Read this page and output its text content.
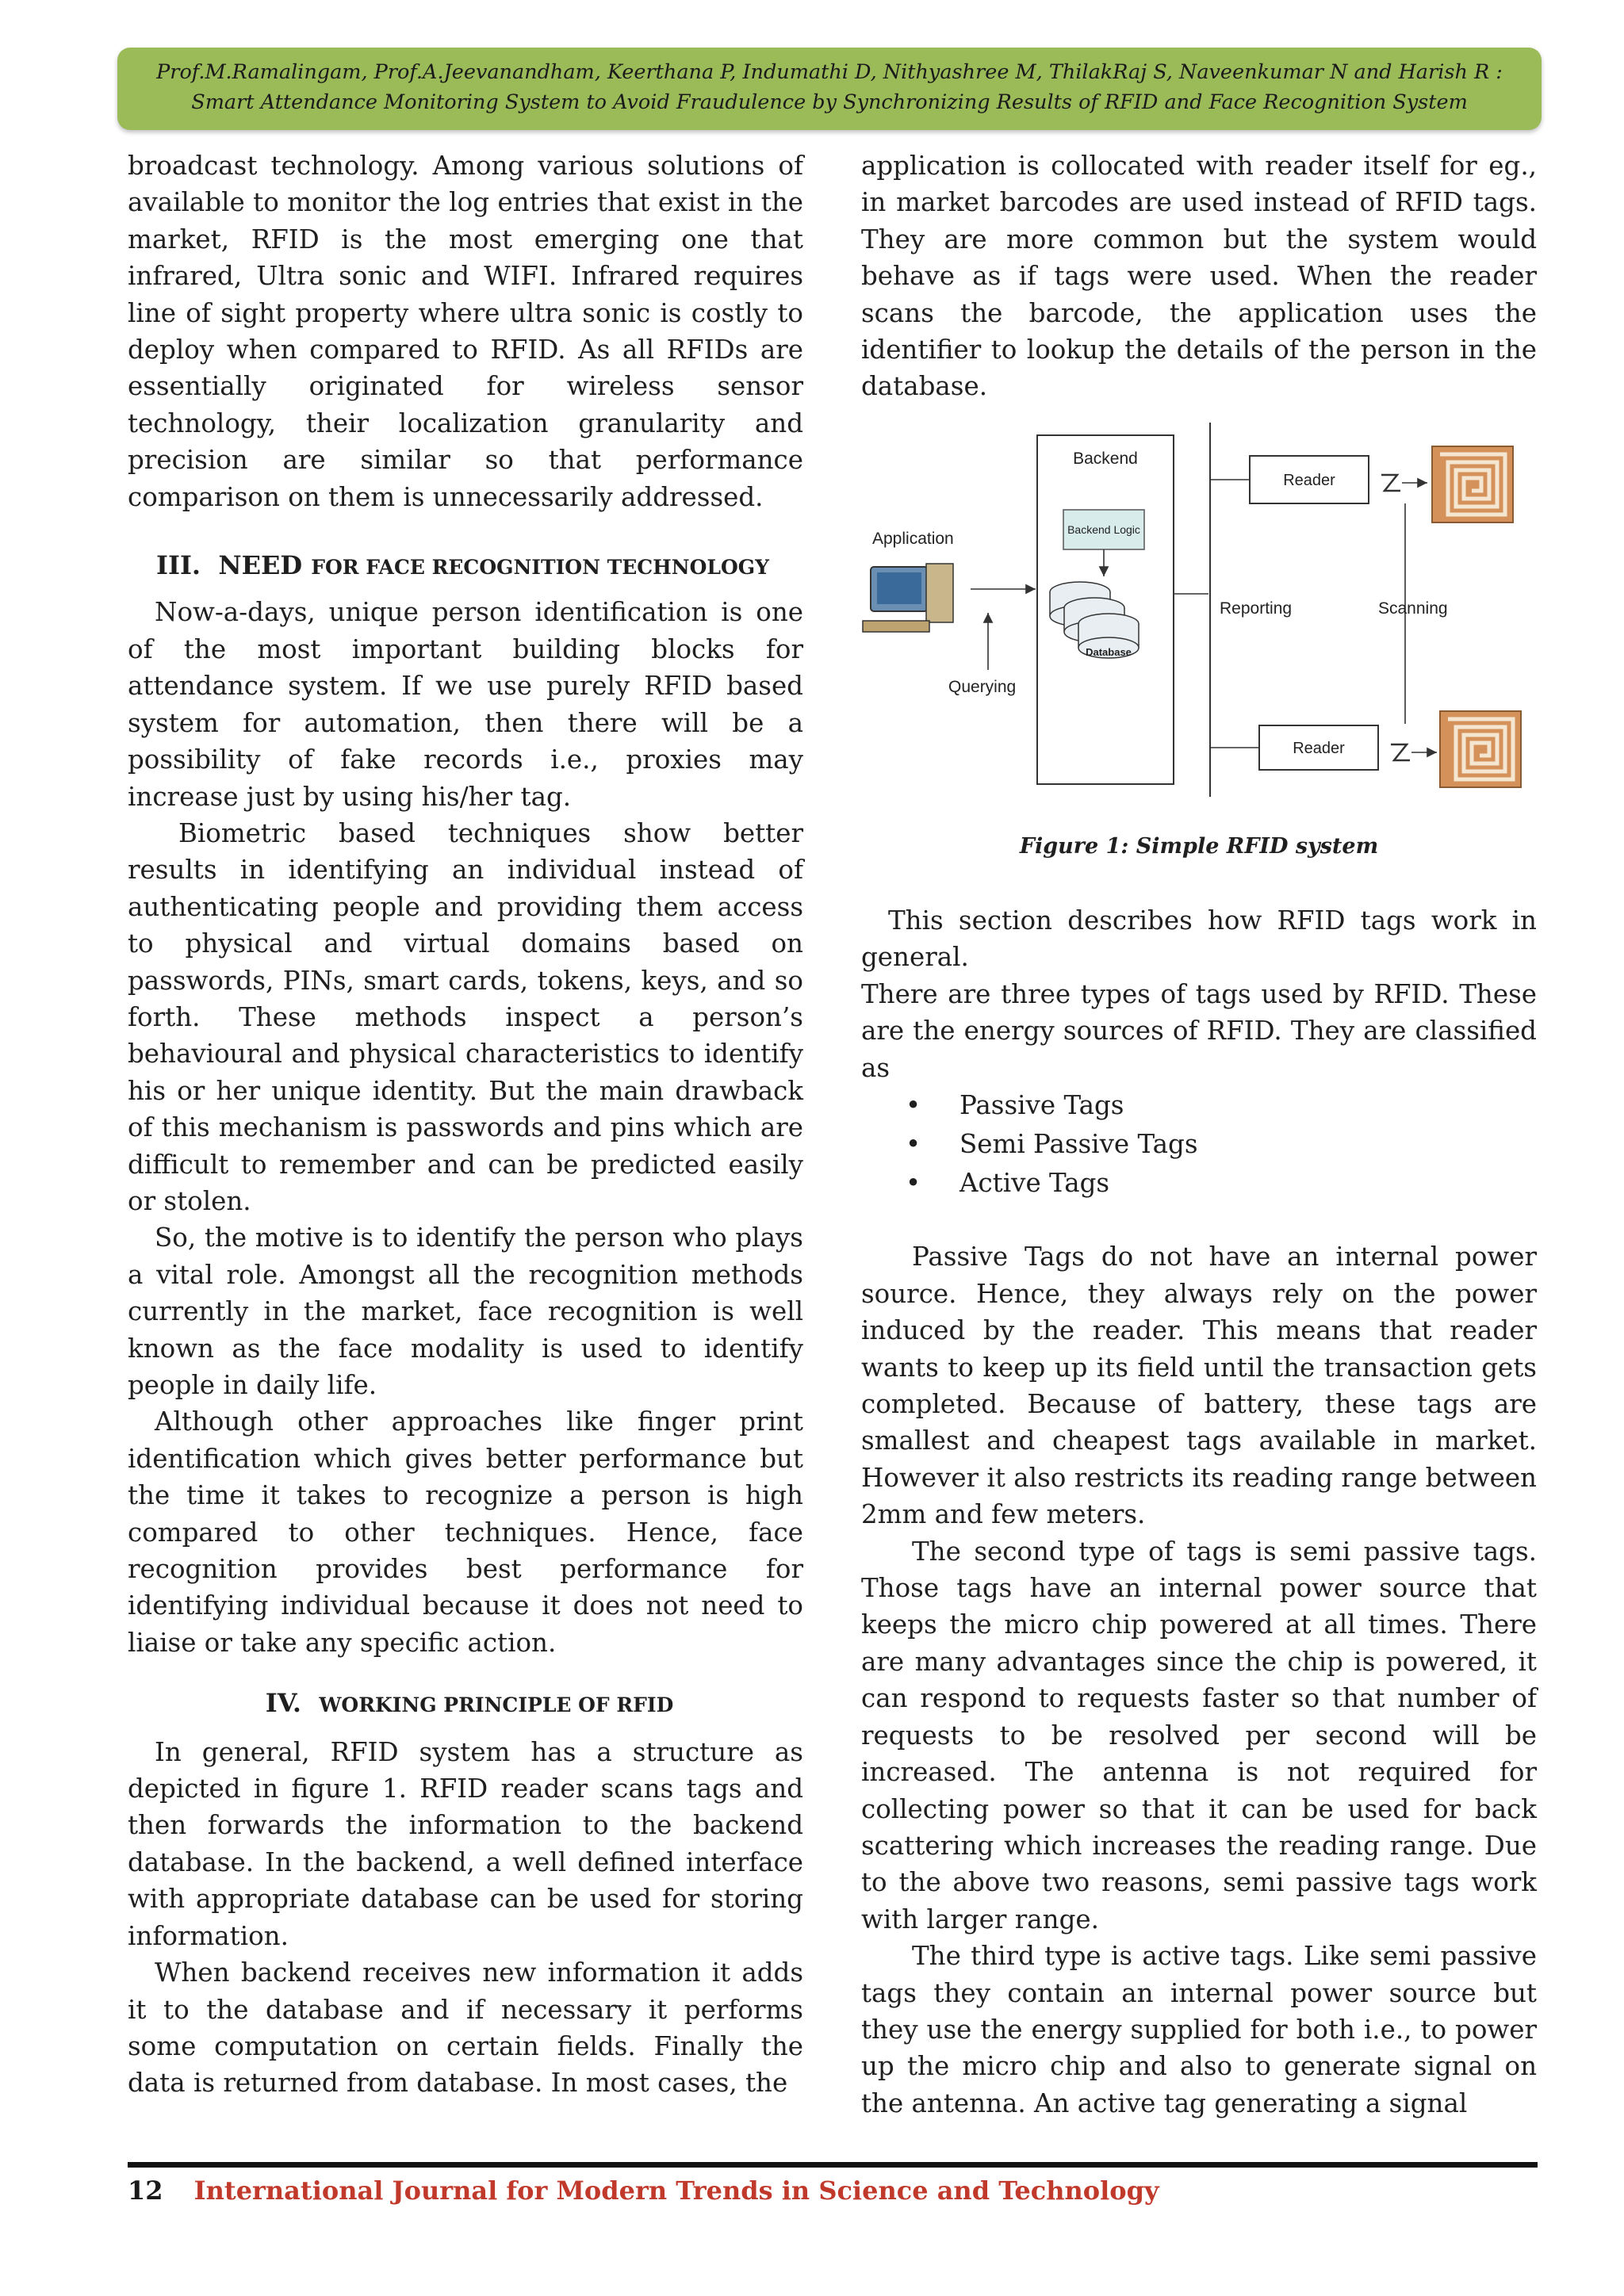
Prof.M.Ramalingam, Prof.A.Jeevanandham, Keerthana P, Indumathi D, Nithyashree M, ThilakRaj S, Naveenkumar N and Harish R :
Smart Attendance Monitoring System to Avoid Fraudulence by Synchronizing Results of RFID and Face Recognition System

broadcast technology. Among various solutions of available to monitor the log entries that exist in the market, RFID is the most emerging one that infrared, Ultra sonic and WIFI. Infrared requires line of sight property where ultra sonic is costly to deploy when compared to RFID. As all RFIDs are essentially originated for wireless sensor technology, their localization granularity and precision are similar so that performance comparison on them is unnecessarily addressed.

III. NEED FOR FACE RECOGNITION TECHNOLOGY

Now-a-days, unique person identification is one of the most important building blocks for attendance system. If we use purely RFID based system for automation, then there will be a possibility of fake records i.e., proxies may increase just by using his/her tag.

Biometric based techniques show better results in identifying an individual instead of authenticating people and providing them access to physical and virtual domains based on passwords, PINs, smart cards, tokens, keys, and so forth. These methods inspect a person’s behavioural and physical characteristics to identify his or her unique identity. But the main drawback of this mechanism is passwords and pins which are difficult to remember and can be predicted easily or stolen.

So, the motive is to identify the person who plays a vital role. Amongst all the recognition methods currently in the market, face recognition is well known as the face modality is used to identify people in daily life.

Although other approaches like finger print identification which gives better performance but the time it takes to recognize a person is high compared to other techniques. Hence, face recognition provides best performance for identifying individual because it does not need to liaise or take any specific action.

IV. WORKING PRINCIPLE OF RFID

In general, RFID system has a structure as depicted in figure 1. RFID reader scans tags and then forwards the information to the backend database. In the backend, a well defined interface with appropriate database can be used for storing information.

When backend receives new information it adds it to the database and if necessary it performs some computation on certain fields. Finally the data is returned from database. In most cases, the

application is collocated with reader itself for eg., in market barcodes are used instead of RFID tags. They are more common but the system would behave as if tags were used. When the reader scans the barcode, the application uses the identifier to lookup the details of the person in the database.

Backend
Backend Logic
Database
Application
Querying
Reporting
Reader
Reader
Scanning
Figure 1: Simple RFID system

This section describes how RFID tags work in general.

There are three types of tags used by RFID. These are the energy sources of RFID. They are classified as

• Passive Tags
• Semi Passive Tags
• Active Tags

Passive Tags do not have an internal power source. Hence, they always rely on the power induced by the reader. This means that reader wants to keep up its field until the transaction gets completed. Because of battery, these tags are smallest and cheapest tags available in market. However it also restricts its reading range between 2mm and few meters.

The second type of tags is semi passive tags. Those tags have an internal power source that keeps the micro chip powered at all times. There are many advantages since the chip is powered, it can respond to requests faster so that number of requests to be resolved per second will be increased. The antenna is not required for collecting power so that it can be used for back scattering which increases the reading range. Due to the above two reasons, semi passive tags work with larger range.

The third type is active tags. Like semi passive tags they contain an internal power source but they use the energy supplied for both i.e., to power up the micro chip and also to generate signal on the antenna. An active tag generating a signal

12 International Journal for Modern Trends in Science and Technology
